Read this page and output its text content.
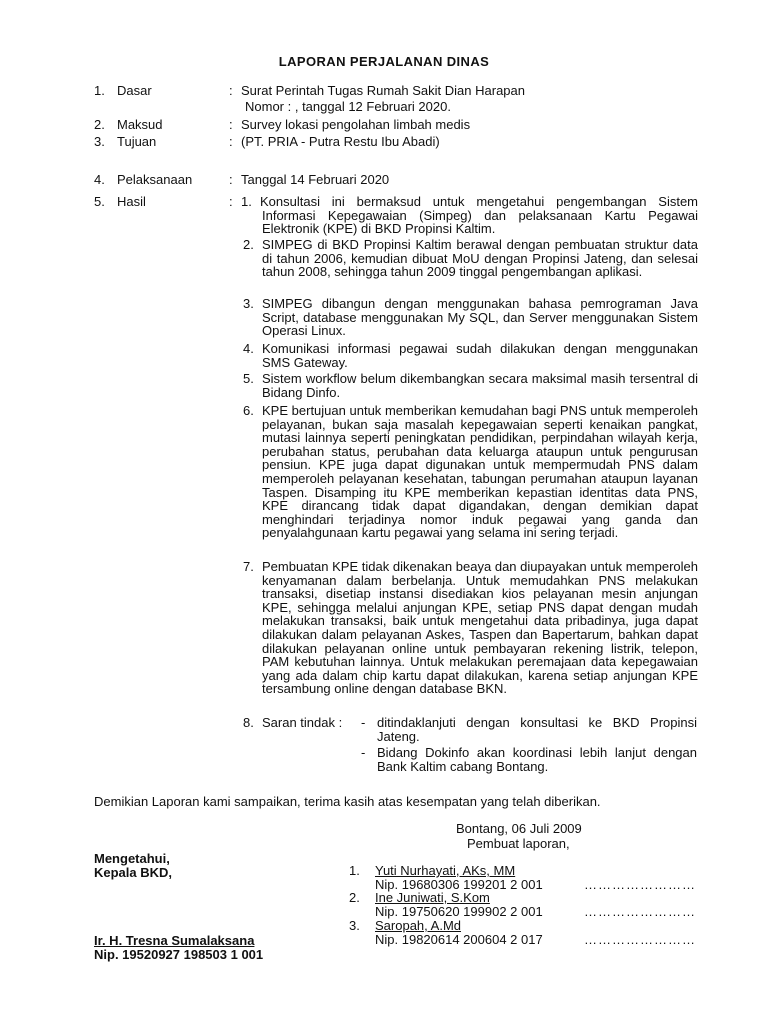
LAPORAN PERJALANAN DINAS
1. Dasar	: Surat Perintah Tugas Rumah Sakit Dian Harapan
Nomor : , tanggal 12 Februari 2020.
2. Maksud	: Survey lokasi pengolahan limbah medis
3. Tujuan	: (PT. PRIA - Putra Restu Ibu Abadi)
4. Pelaksanaan	: Tanggal 14 Februari 2020
5. Hasil	: 1. Konsultasi ini bermaksud untuk mengetahui pengembangan Sistem Informasi Kepegawaian (Simpeg) dan pelaksanaan Kartu Pegawai Elektronik (KPE) di BKD Propinsi Kaltim.
2. SIMPEG di BKD Propinsi Kaltim berawal dengan pembuatan struktur data di tahun 2006, kemudian dibuat MoU dengan Propinsi Jateng, dan selesai tahun 2008, sehingga tahun 2009 tinggal pengembangan aplikasi.
3. SIMPEG dibangun dengan menggunakan bahasa pemrograman Java Script, database menggunakan My SQL, dan Server menggunakan Sistem Operasi Linux.
4. Komunikasi informasi pegawai sudah dilakukan dengan menggunakan SMS Gateway.
5. Sistem workflow belum dikembangkan secara maksimal masih tersentral di Bidang Dinfo.
6. KPE bertujuan untuk memberikan kemudahan bagi PNS untuk memperoleh pelayanan, bukan saja masalah kepegawaian seperti kenaikan pangkat, mutasi lainnya seperti peningkatan pendidikan, perpindahan wilayah kerja, perubahan status, perubahan data keluarga ataupun untuk pengurusan pensiun. KPE juga dapat digunakan untuk mempermudah PNS dalam memperoleh pelayanan kesehatan, tabungan perumahan ataupun layanan Taspen. Disamping itu KPE memberikan kepastian identitas data PNS, KPE dirancang tidak dapat digandakan, dengan demikian dapat menghindari terjadinya nomor induk pegawai yang ganda dan penyalahgunaan kartu pegawai yang selama ini sering terjadi.
7. Pembuatan KPE tidak dikenakan beaya dan diupayakan untuk memperoleh kenyamanan dalam berbelanja. Untuk memudahkan PNS melakukan transaksi, disetiap instansi disediakan kios pelayanan mesin anjungan KPE, sehingga melalui anjungan KPE, setiap PNS dapat dengan mudah melakukan transaksi, baik untuk mengetahui data pribadinya, juga dapat dilakukan dalam pelayanan Askes, Taspen dan Bapertarum, bahkan dapat dilakukan pelayanan online untuk pembayaran rekening listrik, telepon, PAM kebutuhan lainnya. Untuk melakukan peremajaan data kepegawaian yang ada dalam chip kartu dapat dilakukan, karena setiap anjungan KPE tersambung online dengan database BKN.
8. Saran tindak : - ditindaklanjuti dengan konsultasi ke BKD Propinsi Jateng.
- Bidang Dokinfo akan koordinasi lebih lanjut dengan Bank Kaltim cabang Bontang.
Demikian Laporan kami sampaikan, terima kasih atas kesempatan yang telah diberikan.
Bontang, 06 Juli 2009
Pembuat laporan,
Mengetahui,
Kepala BKD,
Ir. H. Tresna Sumalaksana
Nip. 19520927 198503 1 001
1. Yuti Nurhayati, AKs, MM
Nip. 19680306 199201 2 001	……………………
2. Ine Juniwati, S.Kom
Nip. 19750620 199902 2 001	……………………
3. Saropah, A.Md
Nip. 19820614 200604 2 017	……………………
